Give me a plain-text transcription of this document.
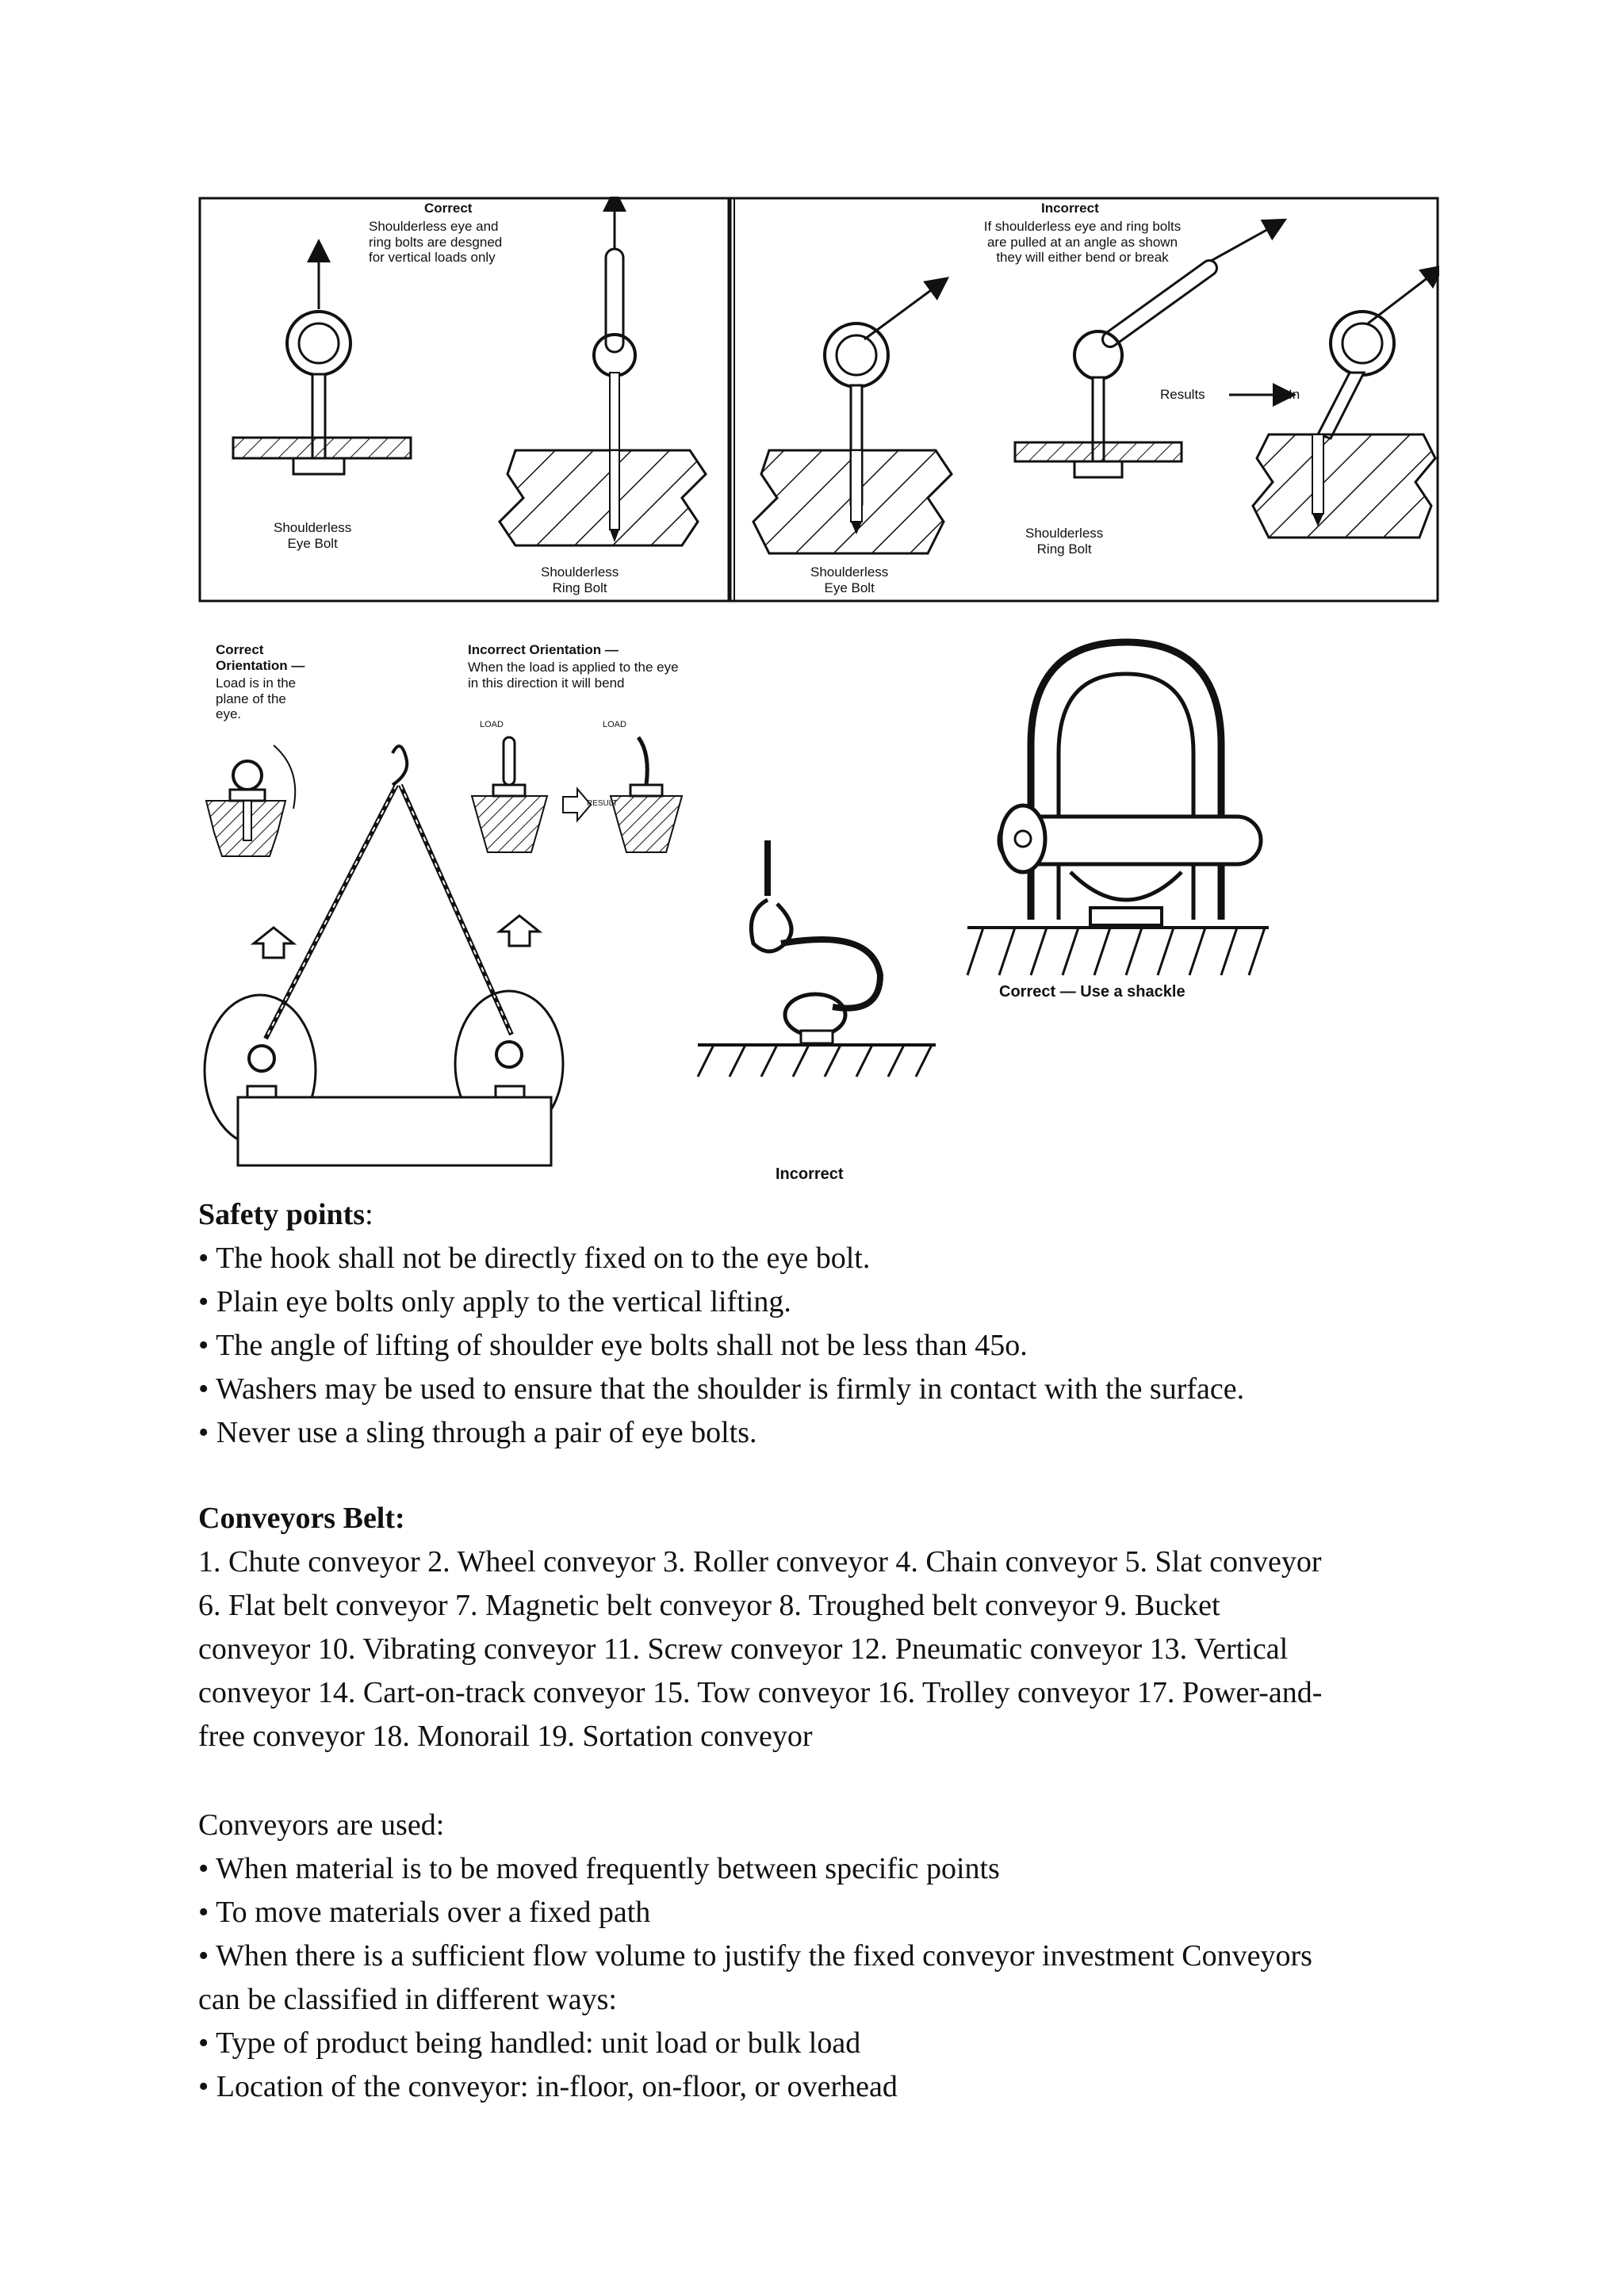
Correct
Shoulderless eye and
ring bolts are desgned
for vertical loads only
Shoulderless
Eye Bolt
Shoulderless
Ring Bolt
Incorrect
If shoulderless eye and ring bolts
are pulled at an angle as shown
they will either bend or break
Results	In
Shoulderless
Eye Bolt
Shoulderless
Ring Bolt
Correct Orientation —
Load is in the
plane of the
eye.
Incorrect Orientation —
When the load is applied to the eye
in this direction it will bend
LOAD	LOAD
RESULT
Incorrect
Correct — Use a shackle

Safety points:

• The hook shall not be directly fixed on to the eye bolt.

• Plain eye bolts only apply to the vertical lifting.

• The angle of lifting of shoulder eye bolts shall not be less than 45o.

• Washers may be used to ensure that the shoulder is firmly in contact with the surface.

• Never use a sling through a pair of eye bolts.

Conveyors Belt:

1. Chute conveyor 2. Wheel conveyor 3. Roller conveyor 4. Chain conveyor 5. Slat conveyor

6. Flat belt conveyor 7. Magnetic belt conveyor 8. Troughed belt conveyor 9. Bucket

conveyor 10. Vibrating conveyor 11. Screw conveyor 12. Pneumatic conveyor 13. Vertical

conveyor 14. Cart-on-track conveyor 15. Tow conveyor 16. Trolley conveyor 17. Power-and-

free conveyor 18. Monorail 19. Sortation conveyor

Conveyors are used:

• When material is to be moved frequently between specific points

• To move materials over a fixed path

• When there is a sufficient flow volume to justify the fixed conveyor investment Conveyors

can be classified in different ways:

• Type of product being handled: unit load or bulk load

• Location of the conveyor: in-floor, on-floor, or overhead
